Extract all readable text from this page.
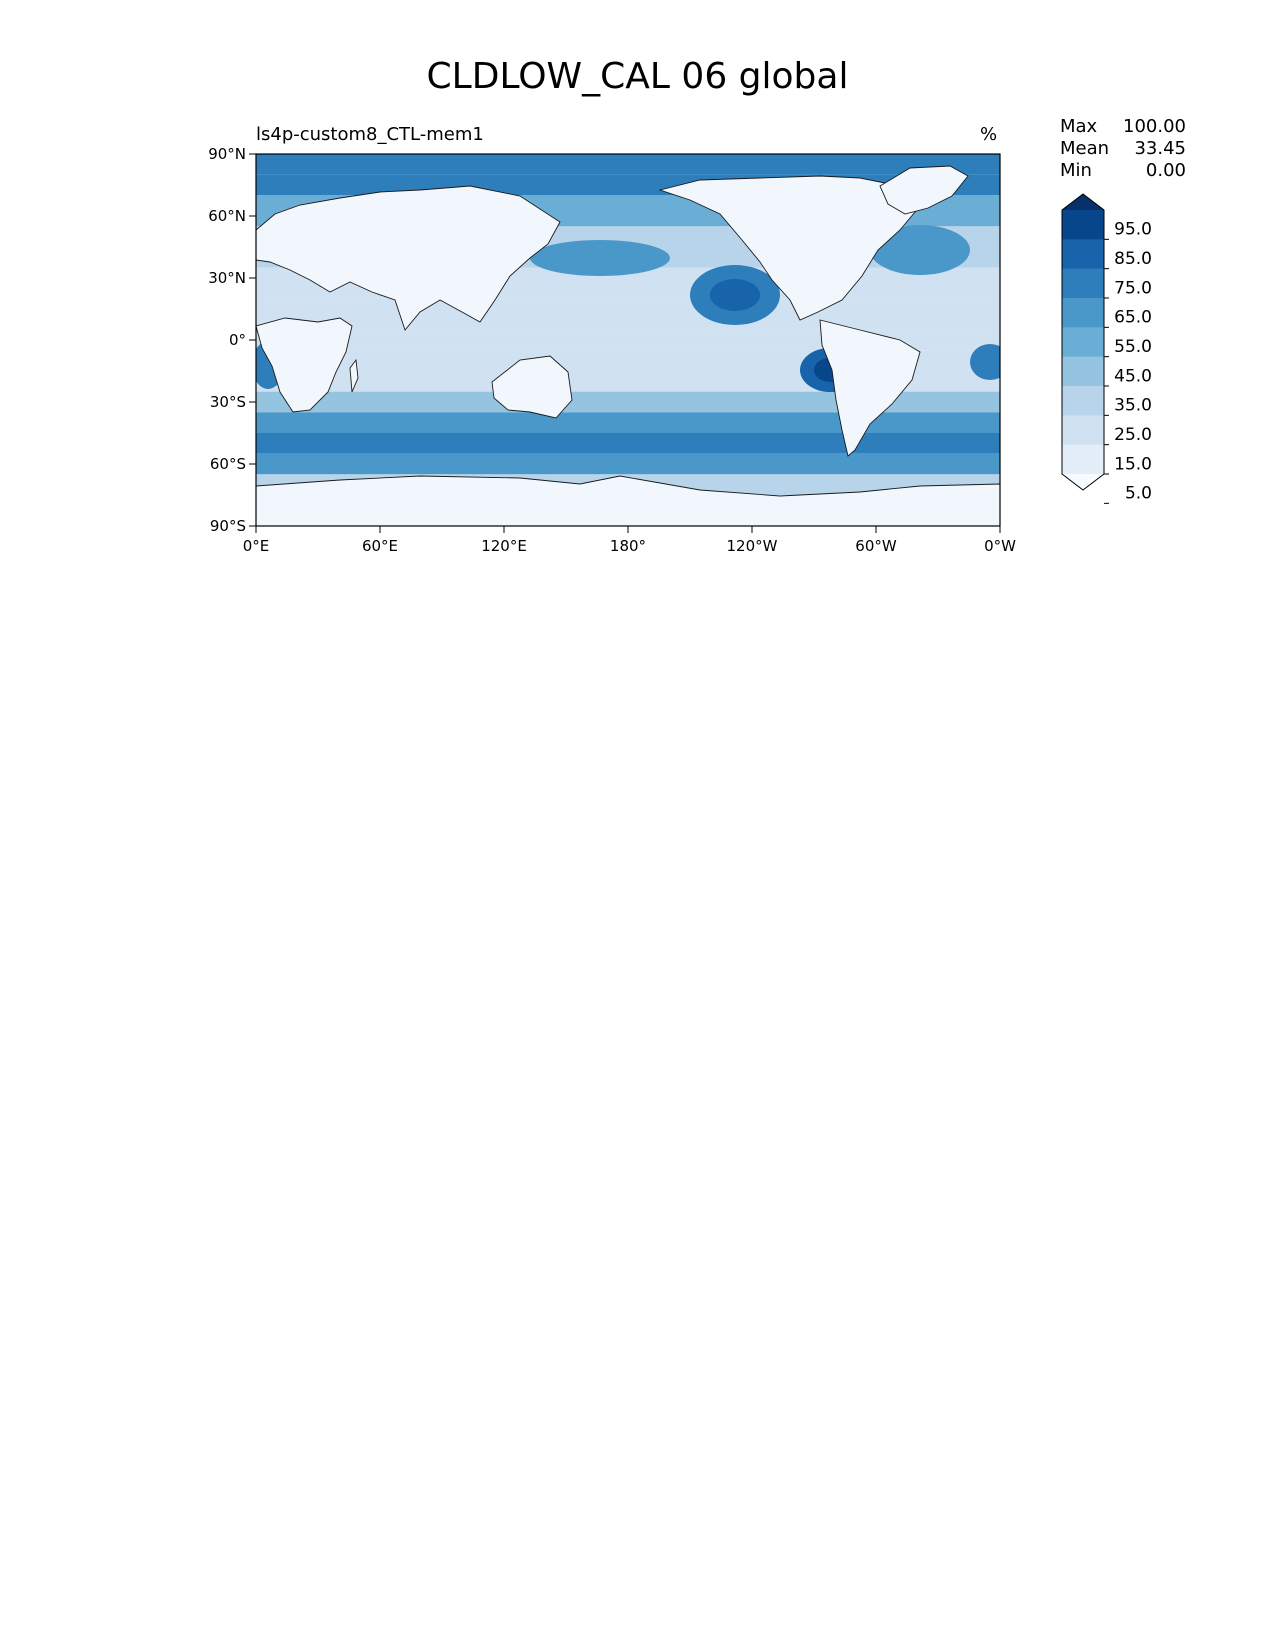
CLDLOW_CAL 06 global
ls4p-custom8_CTL-mem1	%	Max 100.00
Mean 33.45
Min	0.00
0°E	60°E	120°E	180°	120°W	60°W	0°W
90°N
60°N
30°N
0°
30°S
60°S
90°S
95.0
85.0
75.0
65.0
55.0
45.0
35.0
25.0
15.0
5.0
